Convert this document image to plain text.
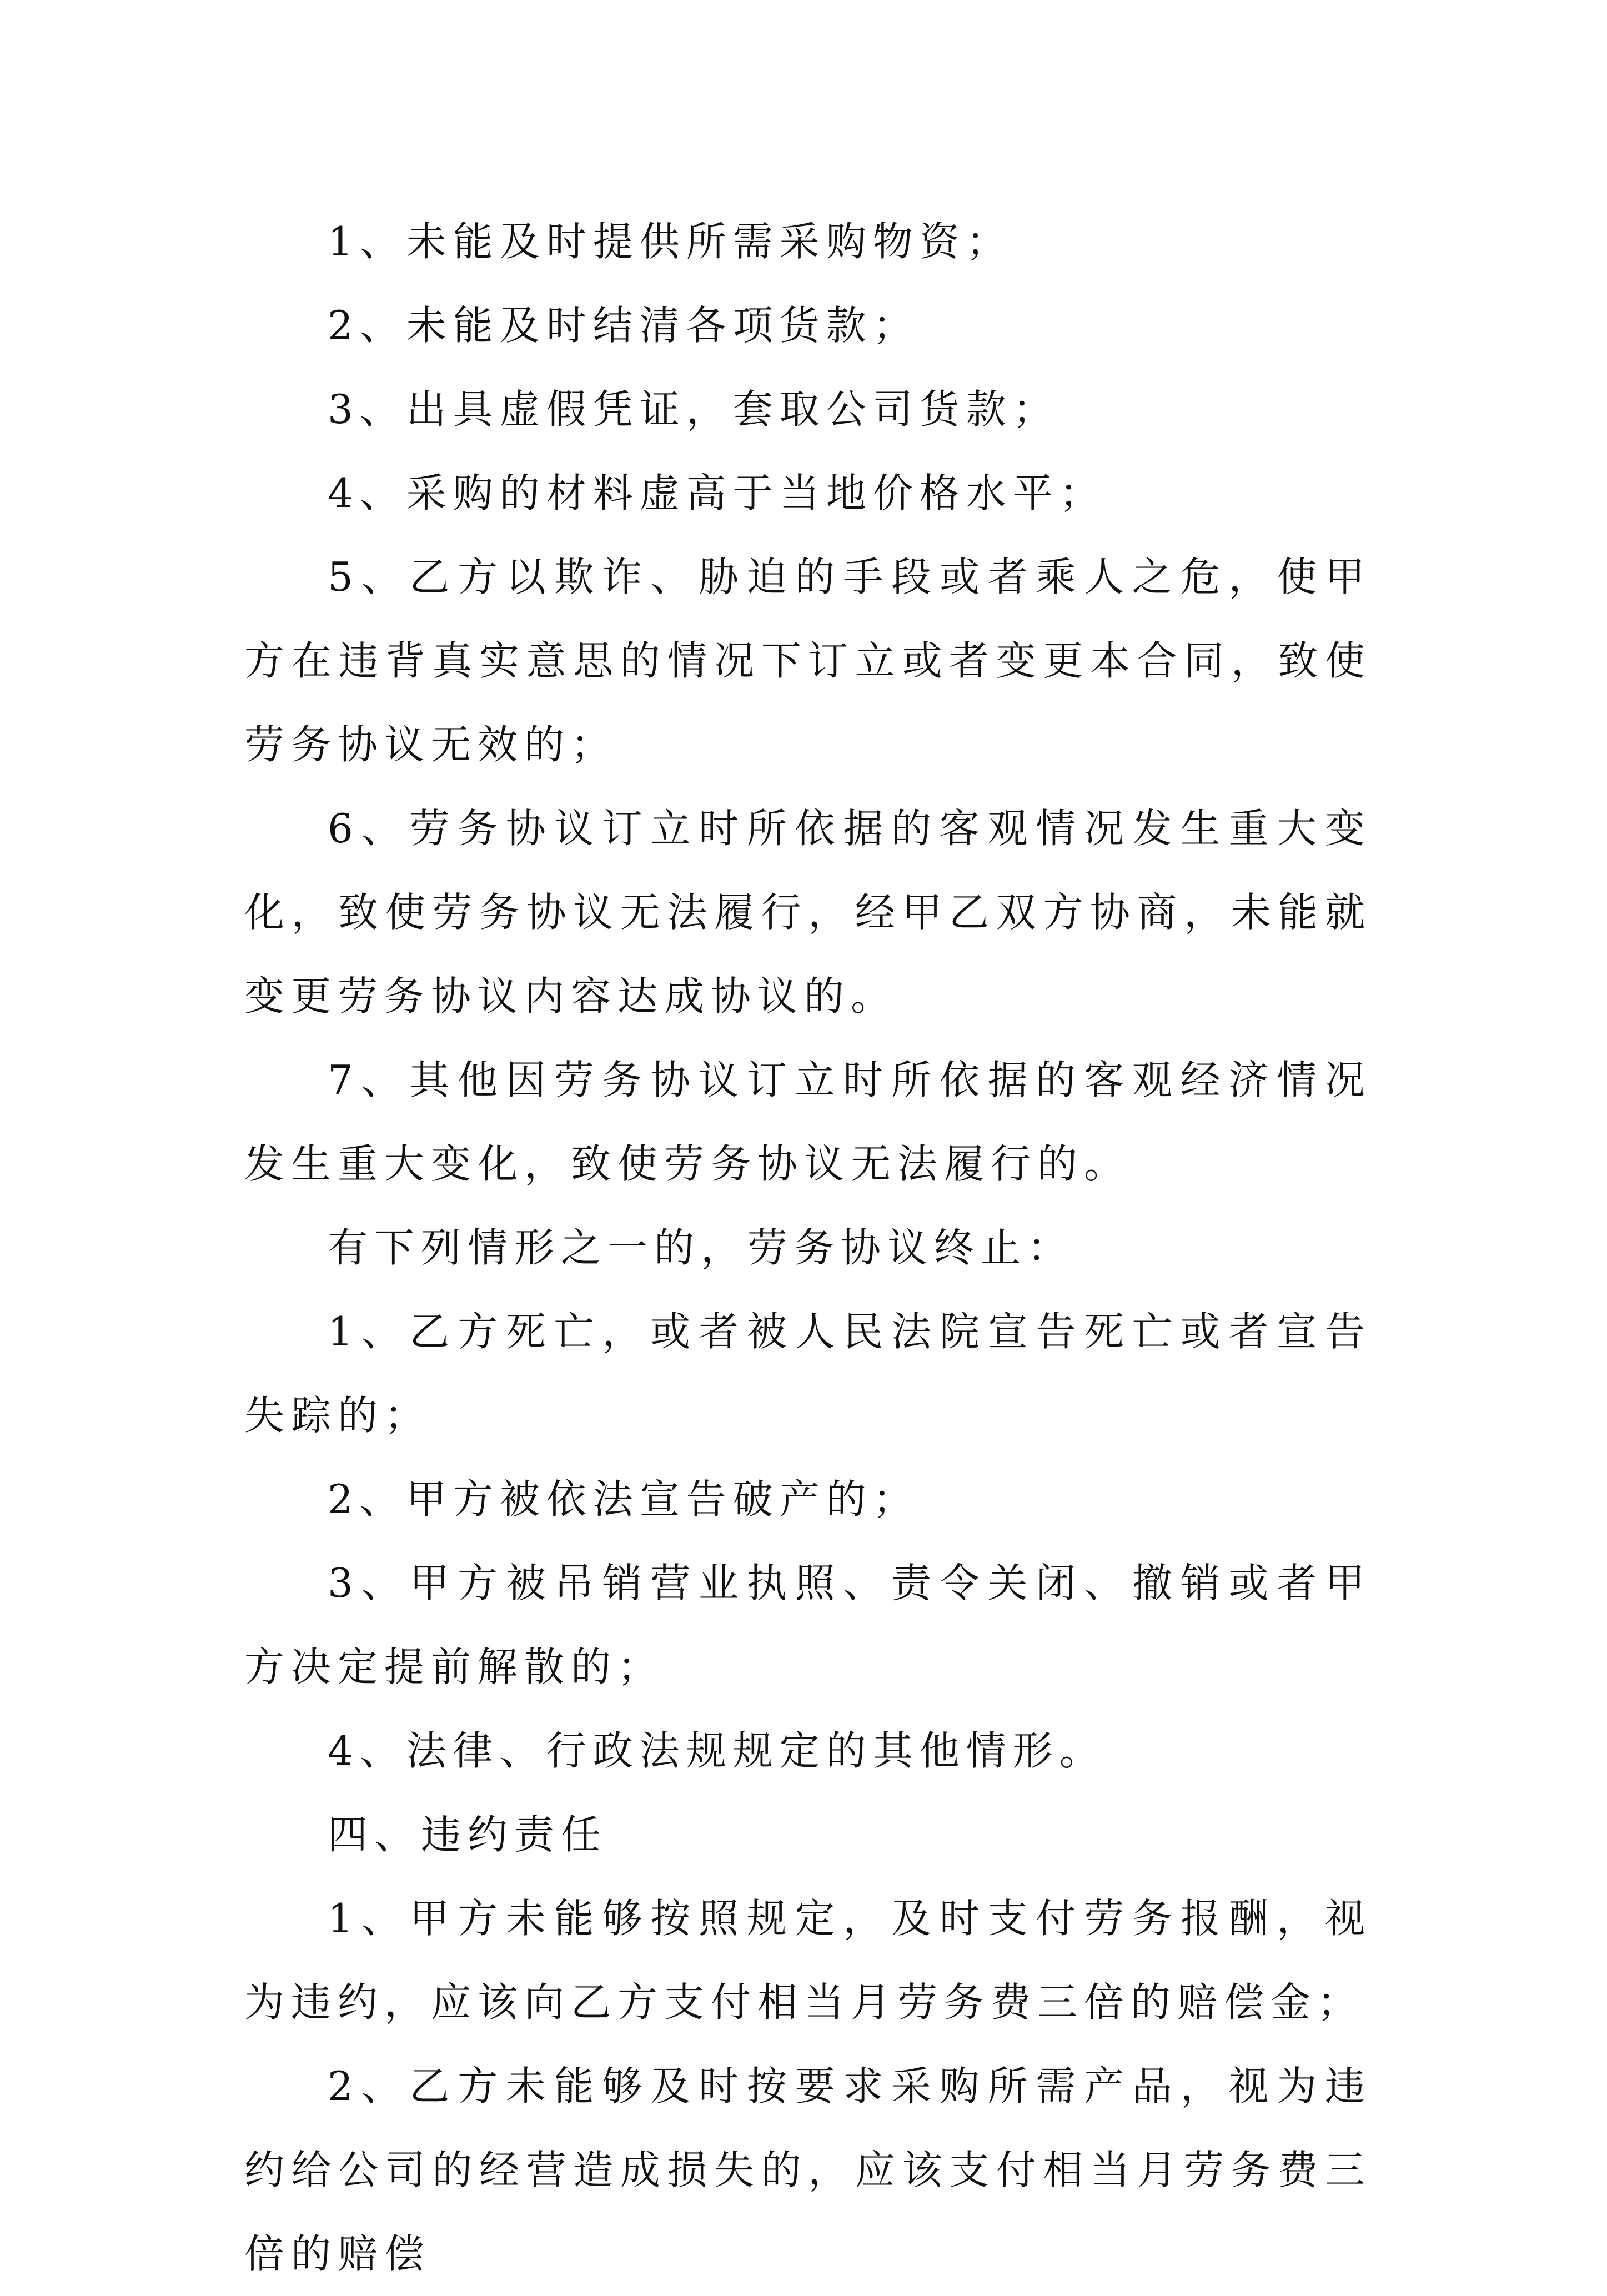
1、未能及时提供所需采购物资；

2、未能及时结清各项货款；

3、出具虚假凭证，套取公司货款；

4、采购的材料虚高于当地价格水平；

5、乙方以欺诈、胁迫的手段或者乘人之危，使甲方在违背真实意思的情况下订立或者变更本合同，致使劳务协议无效的；

6、劳务协议订立时所依据的客观情况发生重大变化，致使劳务协议无法履行，经甲乙双方协商，未能就变更劳务协议内容达成协议的。

7、其他因劳务协议订立时所依据的客观经济情况发生重大变化，致使劳务协议无法履行的。

有下列情形之一的，劳务协议终止：

1、乙方死亡，或者被人民法院宣告死亡或者宣告失踪的；

2、甲方被依法宣告破产的；

3、甲方被吊销营业执照、责令关闭、撤销或者甲方决定提前解散的；

4、法律、行政法规规定的其他情形。

四、违约责任

1、甲方未能够按照规定，及时支付劳务报酬，视为违约，应该向乙方支付相当月劳务费三倍的赔偿金；

2、乙方未能够及时按要求采购所需产品，视为违约给公司的经营造成损失的，应该支付相当月劳务费三倍的赔偿
